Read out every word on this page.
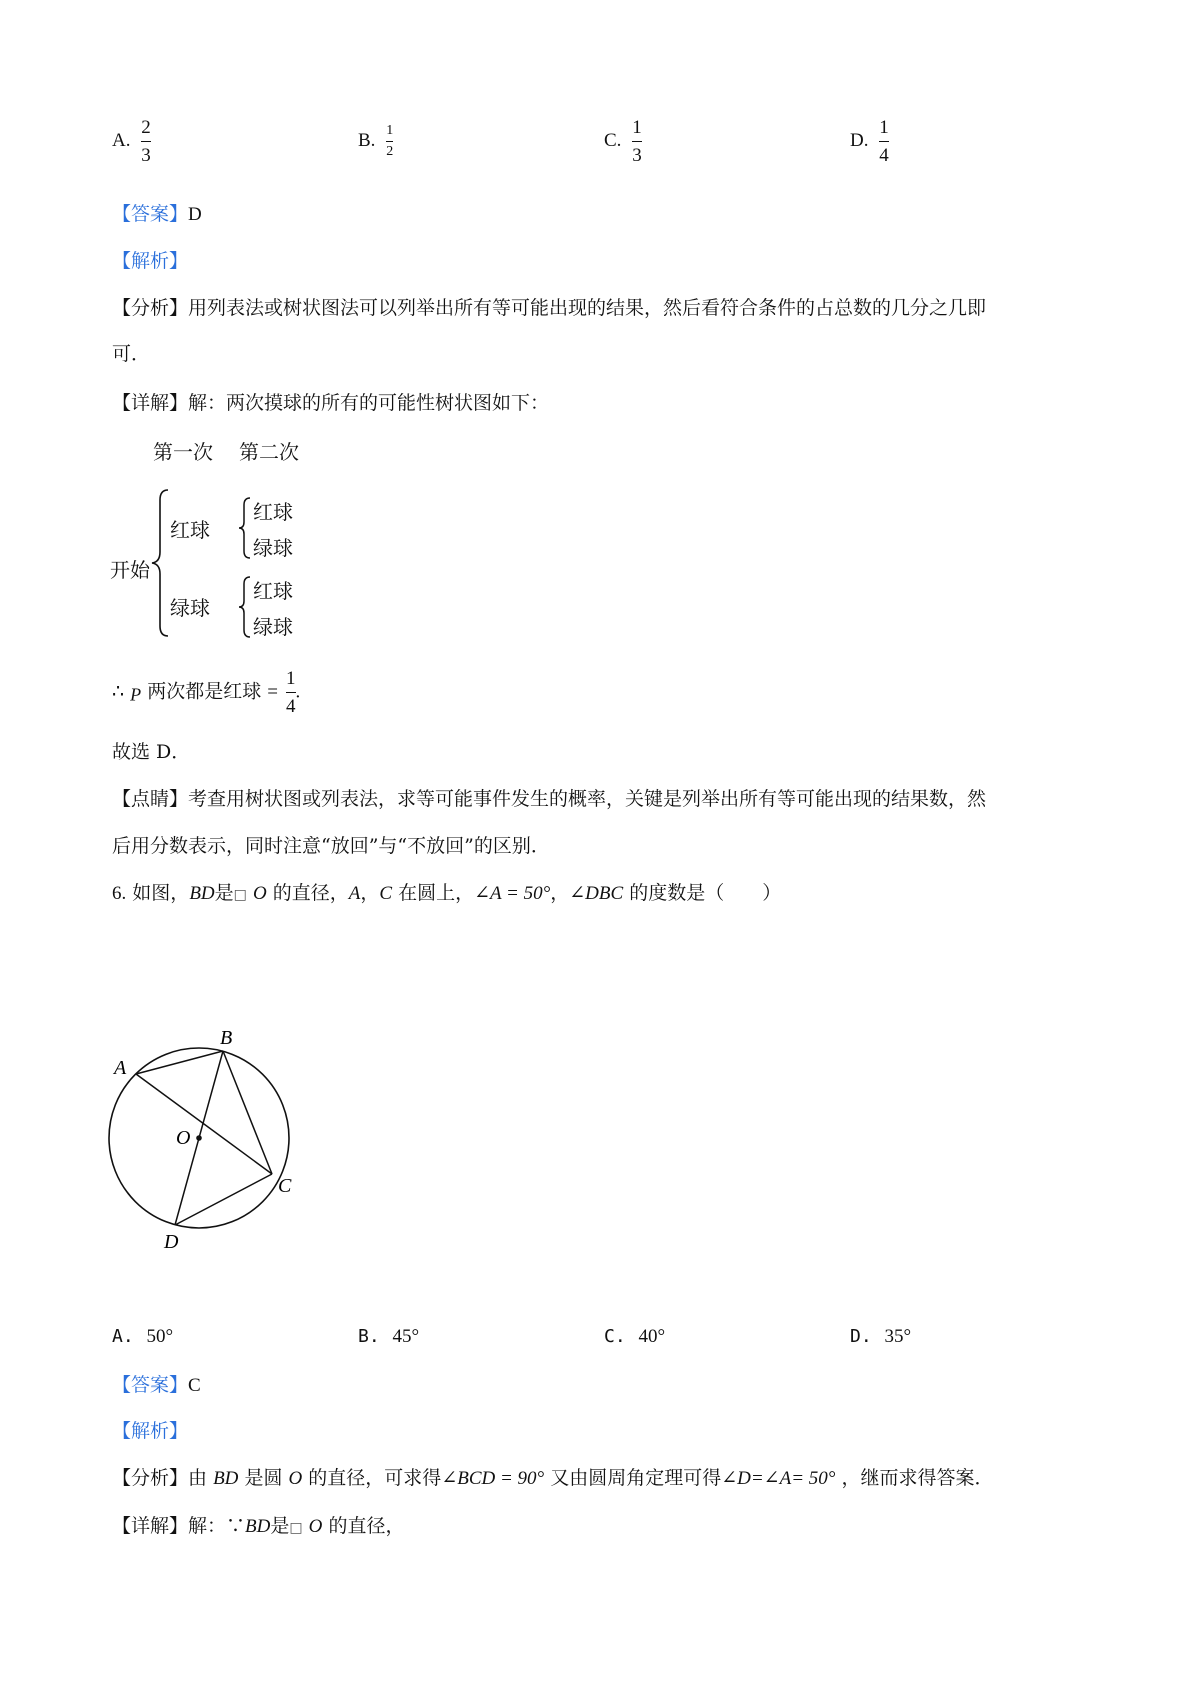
A. $\frac{2}{3}$	B. $\frac{1}{2}$	C. $\frac{1}{3}$	D. $\frac{1}{4}$
【答案】D
【解析】
【分析】用列表法或树状图法可以列举出所有等可能出现的结果，然后看符合条件的占总数的几分之几即
可．
【详解】解：两次摸球的所有的可能性树状图如下：
第一次 第二次
开始
红球
绿球
红球
绿球
红球
绿球
∴ P 两次都是红球 = $\frac{1}{4}$ .
故选 D．
【点睛】考查用树状图或列表法，求等可能事件发生的概率，关键是列举出所有等可能出现的结果数，然
后用分数表示，同时注意“放回”与“不放回”的区别．
6. 如图，BD是□ O 的直径，A，C 在圆上，∠A = 50°，∠DBC 的度数是（　　）
A
B
C
D
O
A. 50°	B. 45°	C. 40°	D. 35°
【答案】C
【解析】
【分析】由 BD 是圆 O 的直径，可求得∠BCD = 90° 又由圆周角定理可得∠D=∠A= 50° ，继而求得答案．
【详解】解：∵BD是□ O 的直径，
